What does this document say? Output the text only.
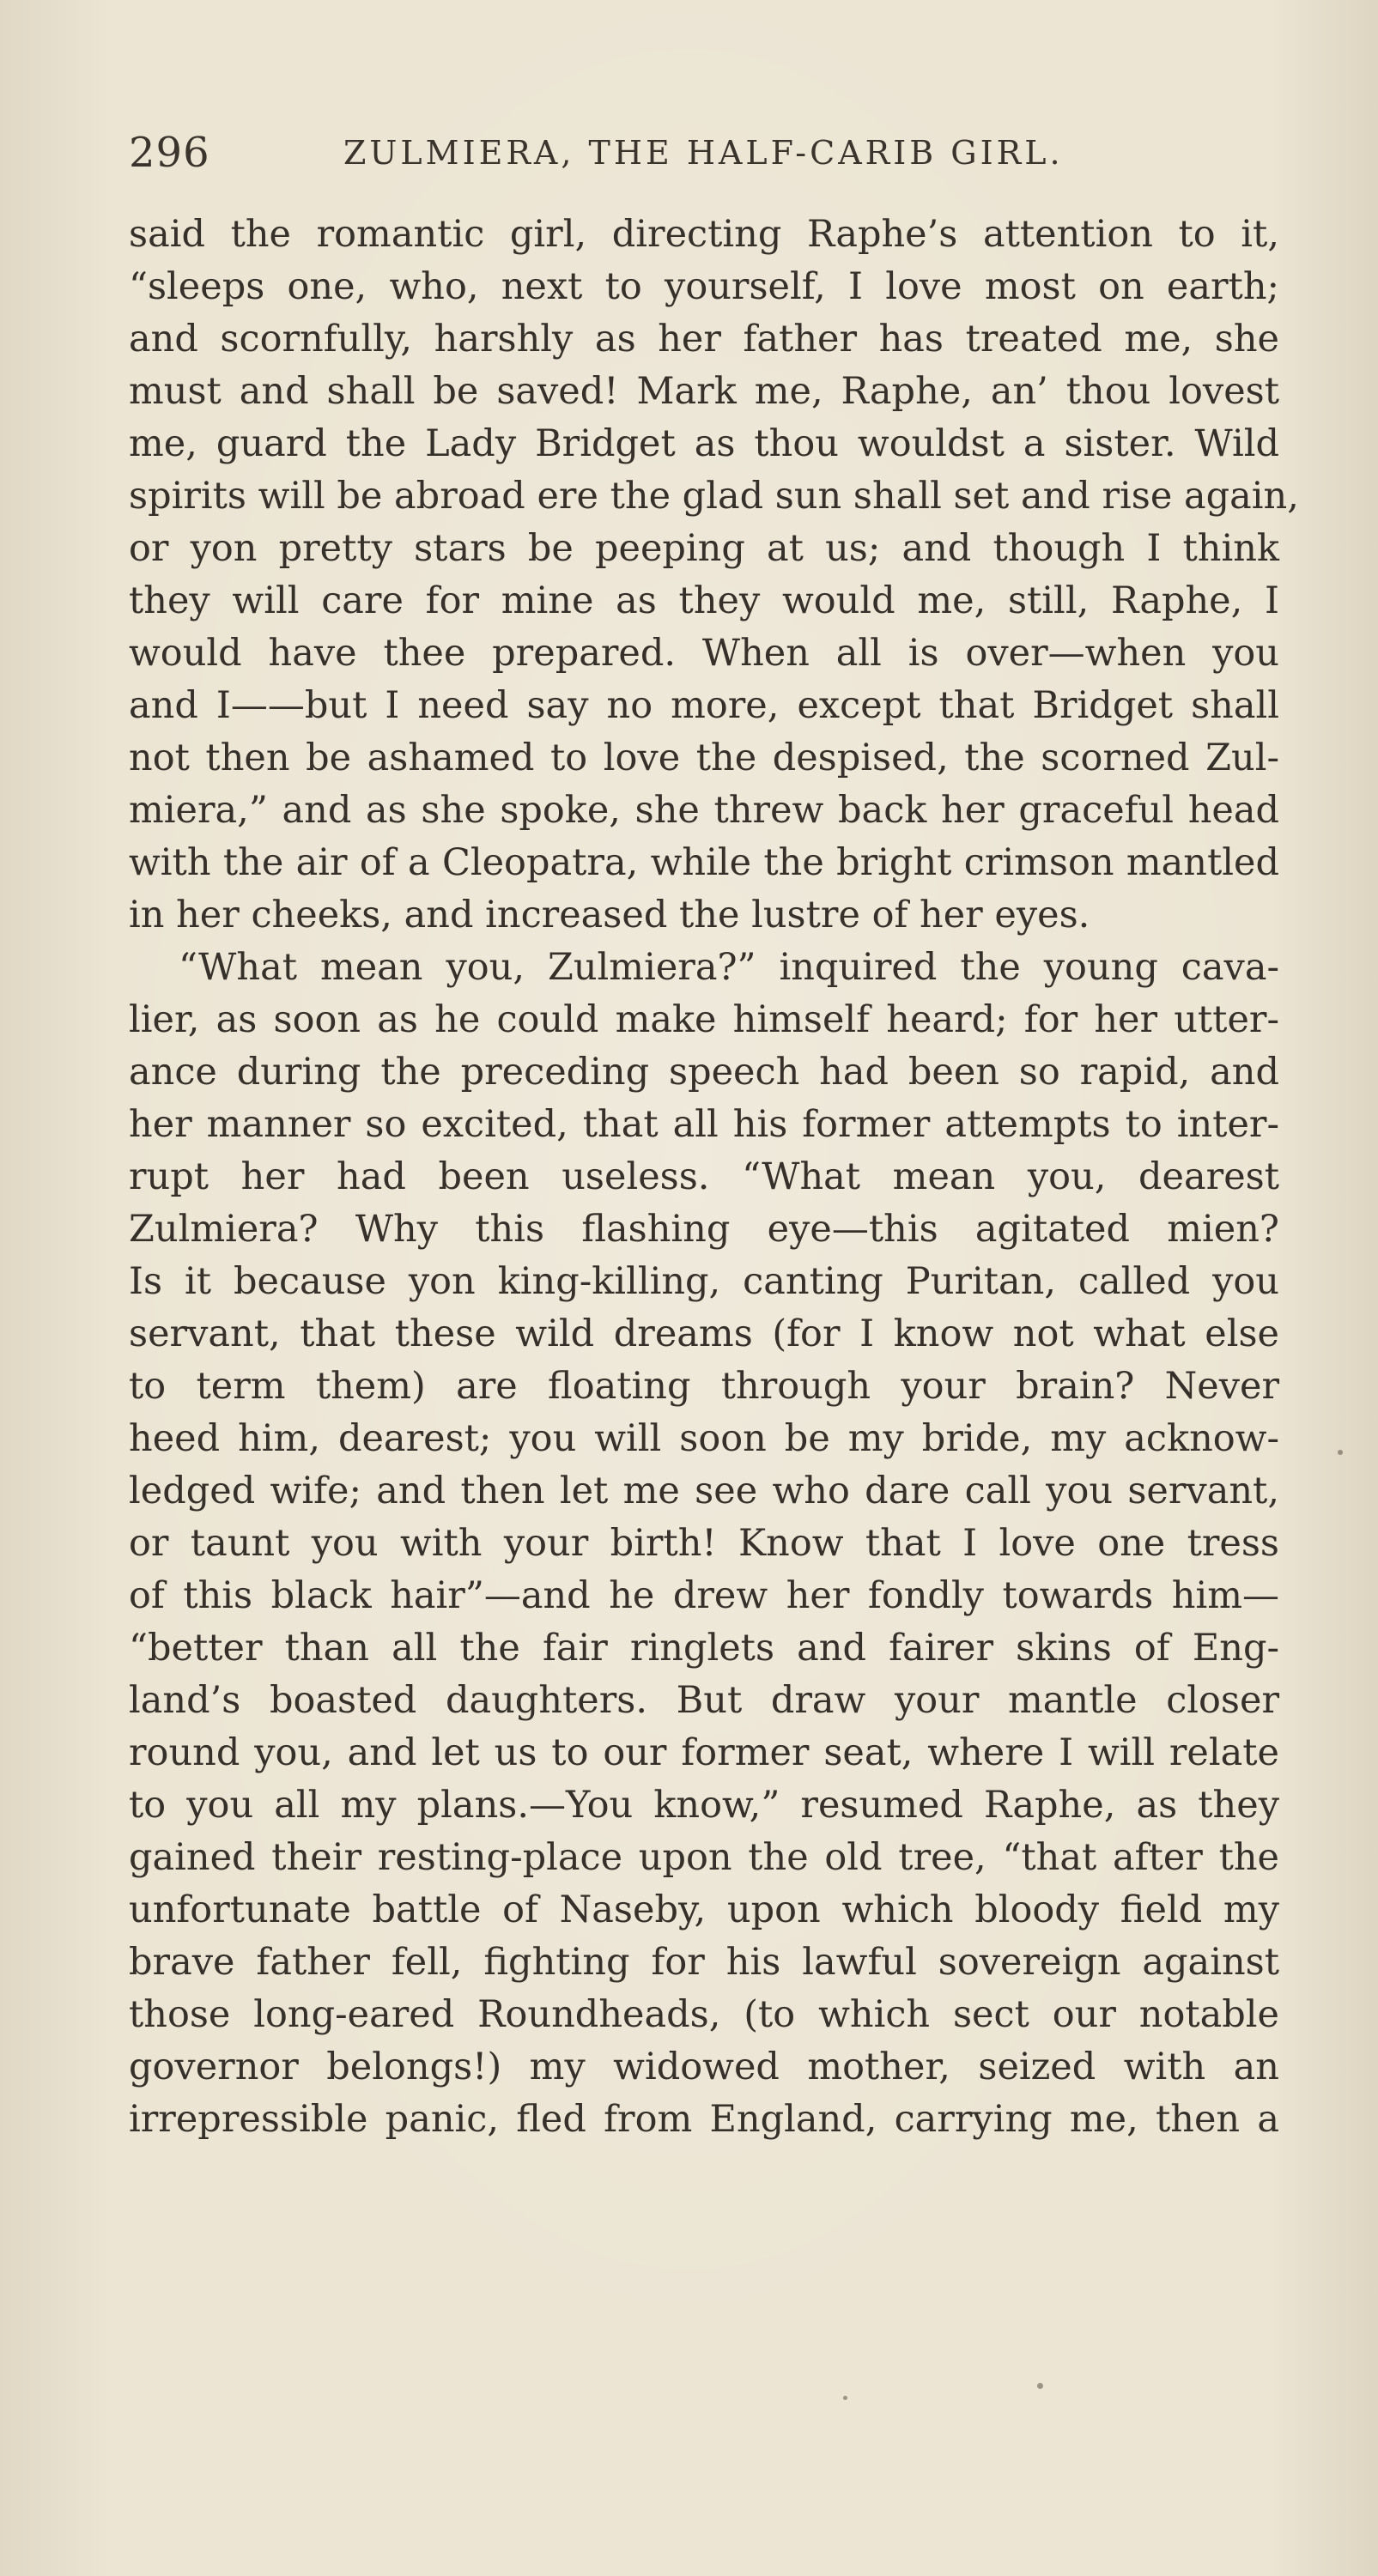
296	ZULMIERA, THE HALF-CARIB GIRL.
said the romantic girl, directing Raphe’s attention to it,
“sleeps one, who, next to yourself, I love most on earth;
and scornfully, harshly as her father has treated me, she
must and shall be saved! Mark me, Raphe, an’ thou lovest
me, guard the Lady Bridget as thou wouldst a sister. Wild
spirits will be abroad ere the glad sun shall set and rise again,
or yon pretty stars be peeping at us; and though I think
they will care for mine as they would me, still, Raphe, I
would have thee prepared. When all is over—when you
and I——but I need say no more, except that Bridget shall
not then be ashamed to love the despised, the scorned Zul-
miera,” and as she spoke, she threw back her graceful head
with the air of a Cleopatra, while the bright crimson mantled
in her cheeks, and increased the lustre of her eyes.
“What mean you, Zulmiera?” inquired the young cava-
lier, as soon as he could make himself heard; for her utter-
ance during the preceding speech had been so rapid, and
her manner so excited, that all his former attempts to inter-
rupt her had been useless. “What mean you, dearest
Zulmiera? Why this flashing eye—this agitated mien?
Is it because yon king-killing, canting Puritan, called you
servant, that these wild dreams (for I know not what else
to term them) are floating through your brain? Never
heed him, dearest; you will soon be my bride, my acknow-
ledged wife; and then let me see who dare call you servant,
or taunt you with your birth! Know that I love one tress
of this black hair”—and he drew her fondly towards him—
“better than all the fair ringlets and fairer skins of Eng-
land’s boasted daughters. But draw your mantle closer
round you, and let us to our former seat, where I will relate
to you all my plans.—You know,” resumed Raphe, as they
gained their resting-place upon the old tree, “that after the
unfortunate battle of Naseby, upon which bloody field my
brave father fell, fighting for his lawful sovereign against
those long-eared Roundheads, (to which sect our notable
governor belongs!) my widowed mother, seized with an
irrepressible panic, fled from England, carrying me, then a
